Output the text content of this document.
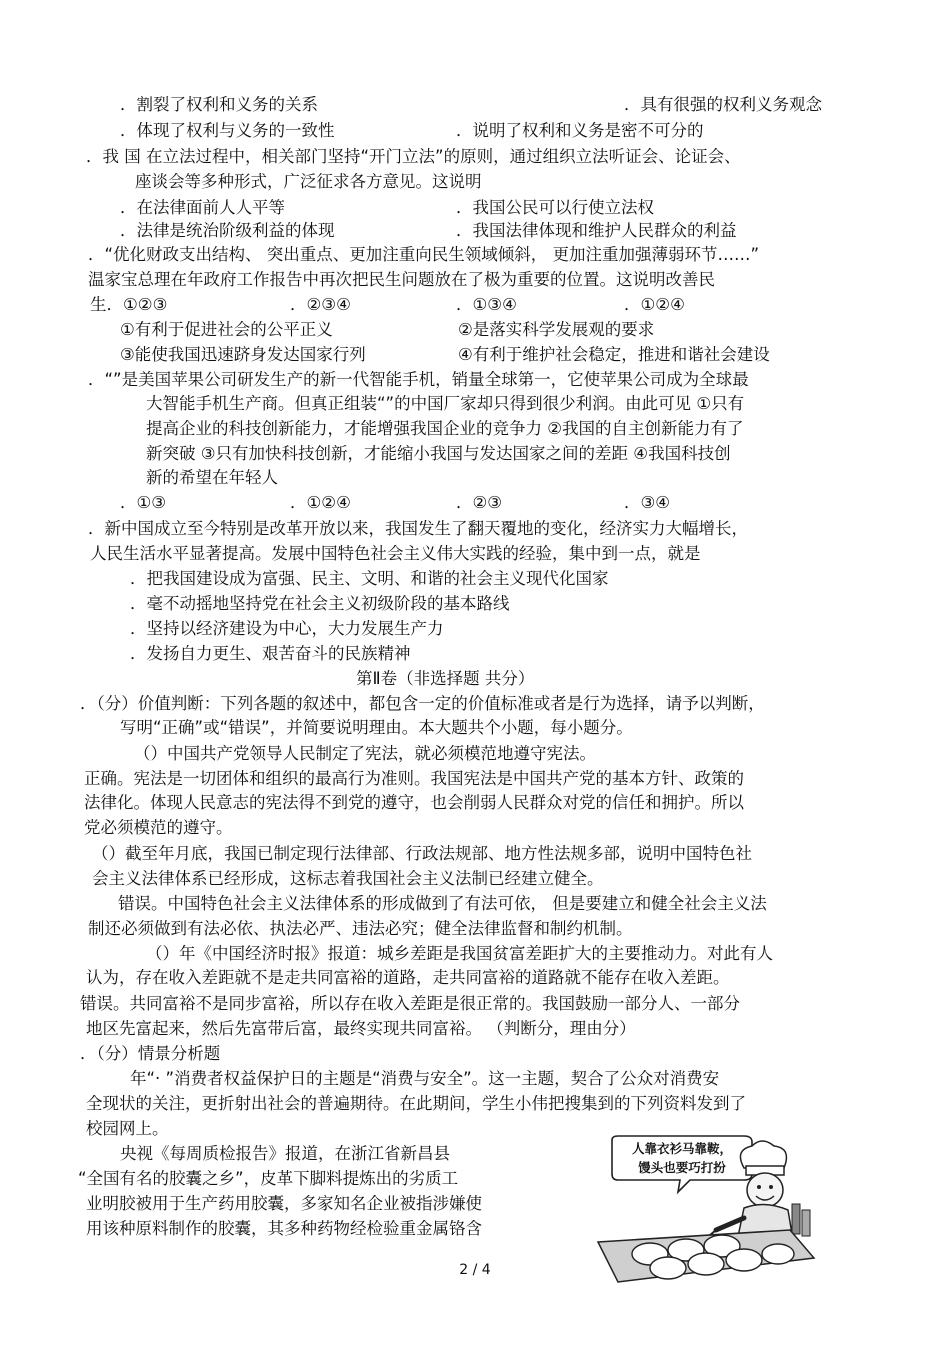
．割裂了权利和义务的关系	．具有很强的权利义务观念
．体现了权利与义务的一致性	．说明了权利和义务是密不可分的
．我 国 在立法过程中，相关部门坚持“开门立法”的原则，通过组织立法听证会、论证会、
座谈会等多种形式，广泛征求各方意见。这说明
．在法律面前人人平等	．我国公民可以行使立法权
．法律是统治阶级利益的体现	．我国法律体现和维护人民群众的利益
．“优化财政支出结构、 突出重点、更加注重向民生领域倾斜， 更加注重加强薄弱环节……”
温家宝总理在年政府工作报告中再次把民生问题放在了极为重要的位置。这说明改善民
生．①②③	．②③④	．①③④	．①②④
①有利于促进社会的公平正义	②是落实科学发展观的要求
③能使我国迅速跻身发达国家行列	④有利于维护社会稳定，推进和谐社会建设
．“”是美国苹果公司研发生产的新一代智能手机，销量全球第一，它使苹果公司成为全球最
大智能手机生产商。但真正组装“”的中国厂家却只得到很少利润。由此可见 ①只有
提高企业的科技创新能力，才能增强我国企业的竞争力 ②我国的自主创新能力有了
新突破 ③只有加快科技创新，才能缩小我国与发达国家之间的差距 ④我国科技创
新的希望在年轻人
．①③	．①②④	．②③	．③④
．新中国成立至今特别是改革开放以来，我国发生了翻天覆地的变化，经济实力大幅增长，
人民生活水平显著提高。发展中国特色社会主义伟大实践的经验，集中到一点，就是
．把我国建设成为富强、民主、文明、和谐的社会主义现代化国家
．毫不动摇地坚持党在社会主义初级阶段的基本路线
．坚持以经济建设为中心，大力发展生产力
．发扬自力更生、艰苦奋斗的民族精神
第Ⅱ卷（非选择题 共分）
．（分）价值判断：下列各题的叙述中，都包含一定的价值标准或者是行为选择，请予以判断，
写明“正确”或“错误”，并简要说明理由。本大题共个小题，每小题分。
（）中国共产党领导人民制定了宪法，就必须模范地遵守宪法。
正确。宪法是一切团体和组织的最高行为准则。我国宪法是中国共产党的基本方针、政策的
法律化。体现人民意志的宪法得不到党的遵守，也会削弱人民群众对党的信任和拥护。所以
党必须模范的遵守。
（）截至年月底，我国已制定现行法律部、行政法规部、地方性法规多部，说明中国特色社
会主义法律体系已经形成，这标志着我国社会主义法制已经建立健全。
错误。中国特色社会主义法律体系的形成做到了有法可依， 但是要建立和健全社会主义法
制还必须做到有法必依、执法必严、违法必究；健全法律监督和制约机制。
（）年《中国经济时报》报道：城乡差距是我国贫富差距扩大的主要推动力。对此有人
认为，存在收入差距就不是走共同富裕的道路，走共同富裕的道路就不能存在收入差距。
错误。共同富裕不是同步富裕，所以存在收入差距是很正常的。我国鼓励一部分人、一部分
地区先富起来，然后先富带后富，最终实现共同富裕。 （判断分，理由分）
．（分）情景分析题
年“· ”消费者权益保护日的主题是“消费与安全”。这一主题，契合了公众对消费安
全现状的关注，更折射出社会的普遍期待。在此期间，学生小伟把搜集到的下列资料发到了
校园网上。
央视《每周质检报告》报道，在浙江省新昌县
“全国有名的胶囊之乡”，皮革下脚料提炼出的劣质工
业明胶被用于生产药用胶囊，多家知名企业被指涉嫌使
用该种原料制作的胶囊，其多种药物经检验重金属铬含
人靠衣衫马靠鞍，
馒头也要巧打扮
2 / 4
